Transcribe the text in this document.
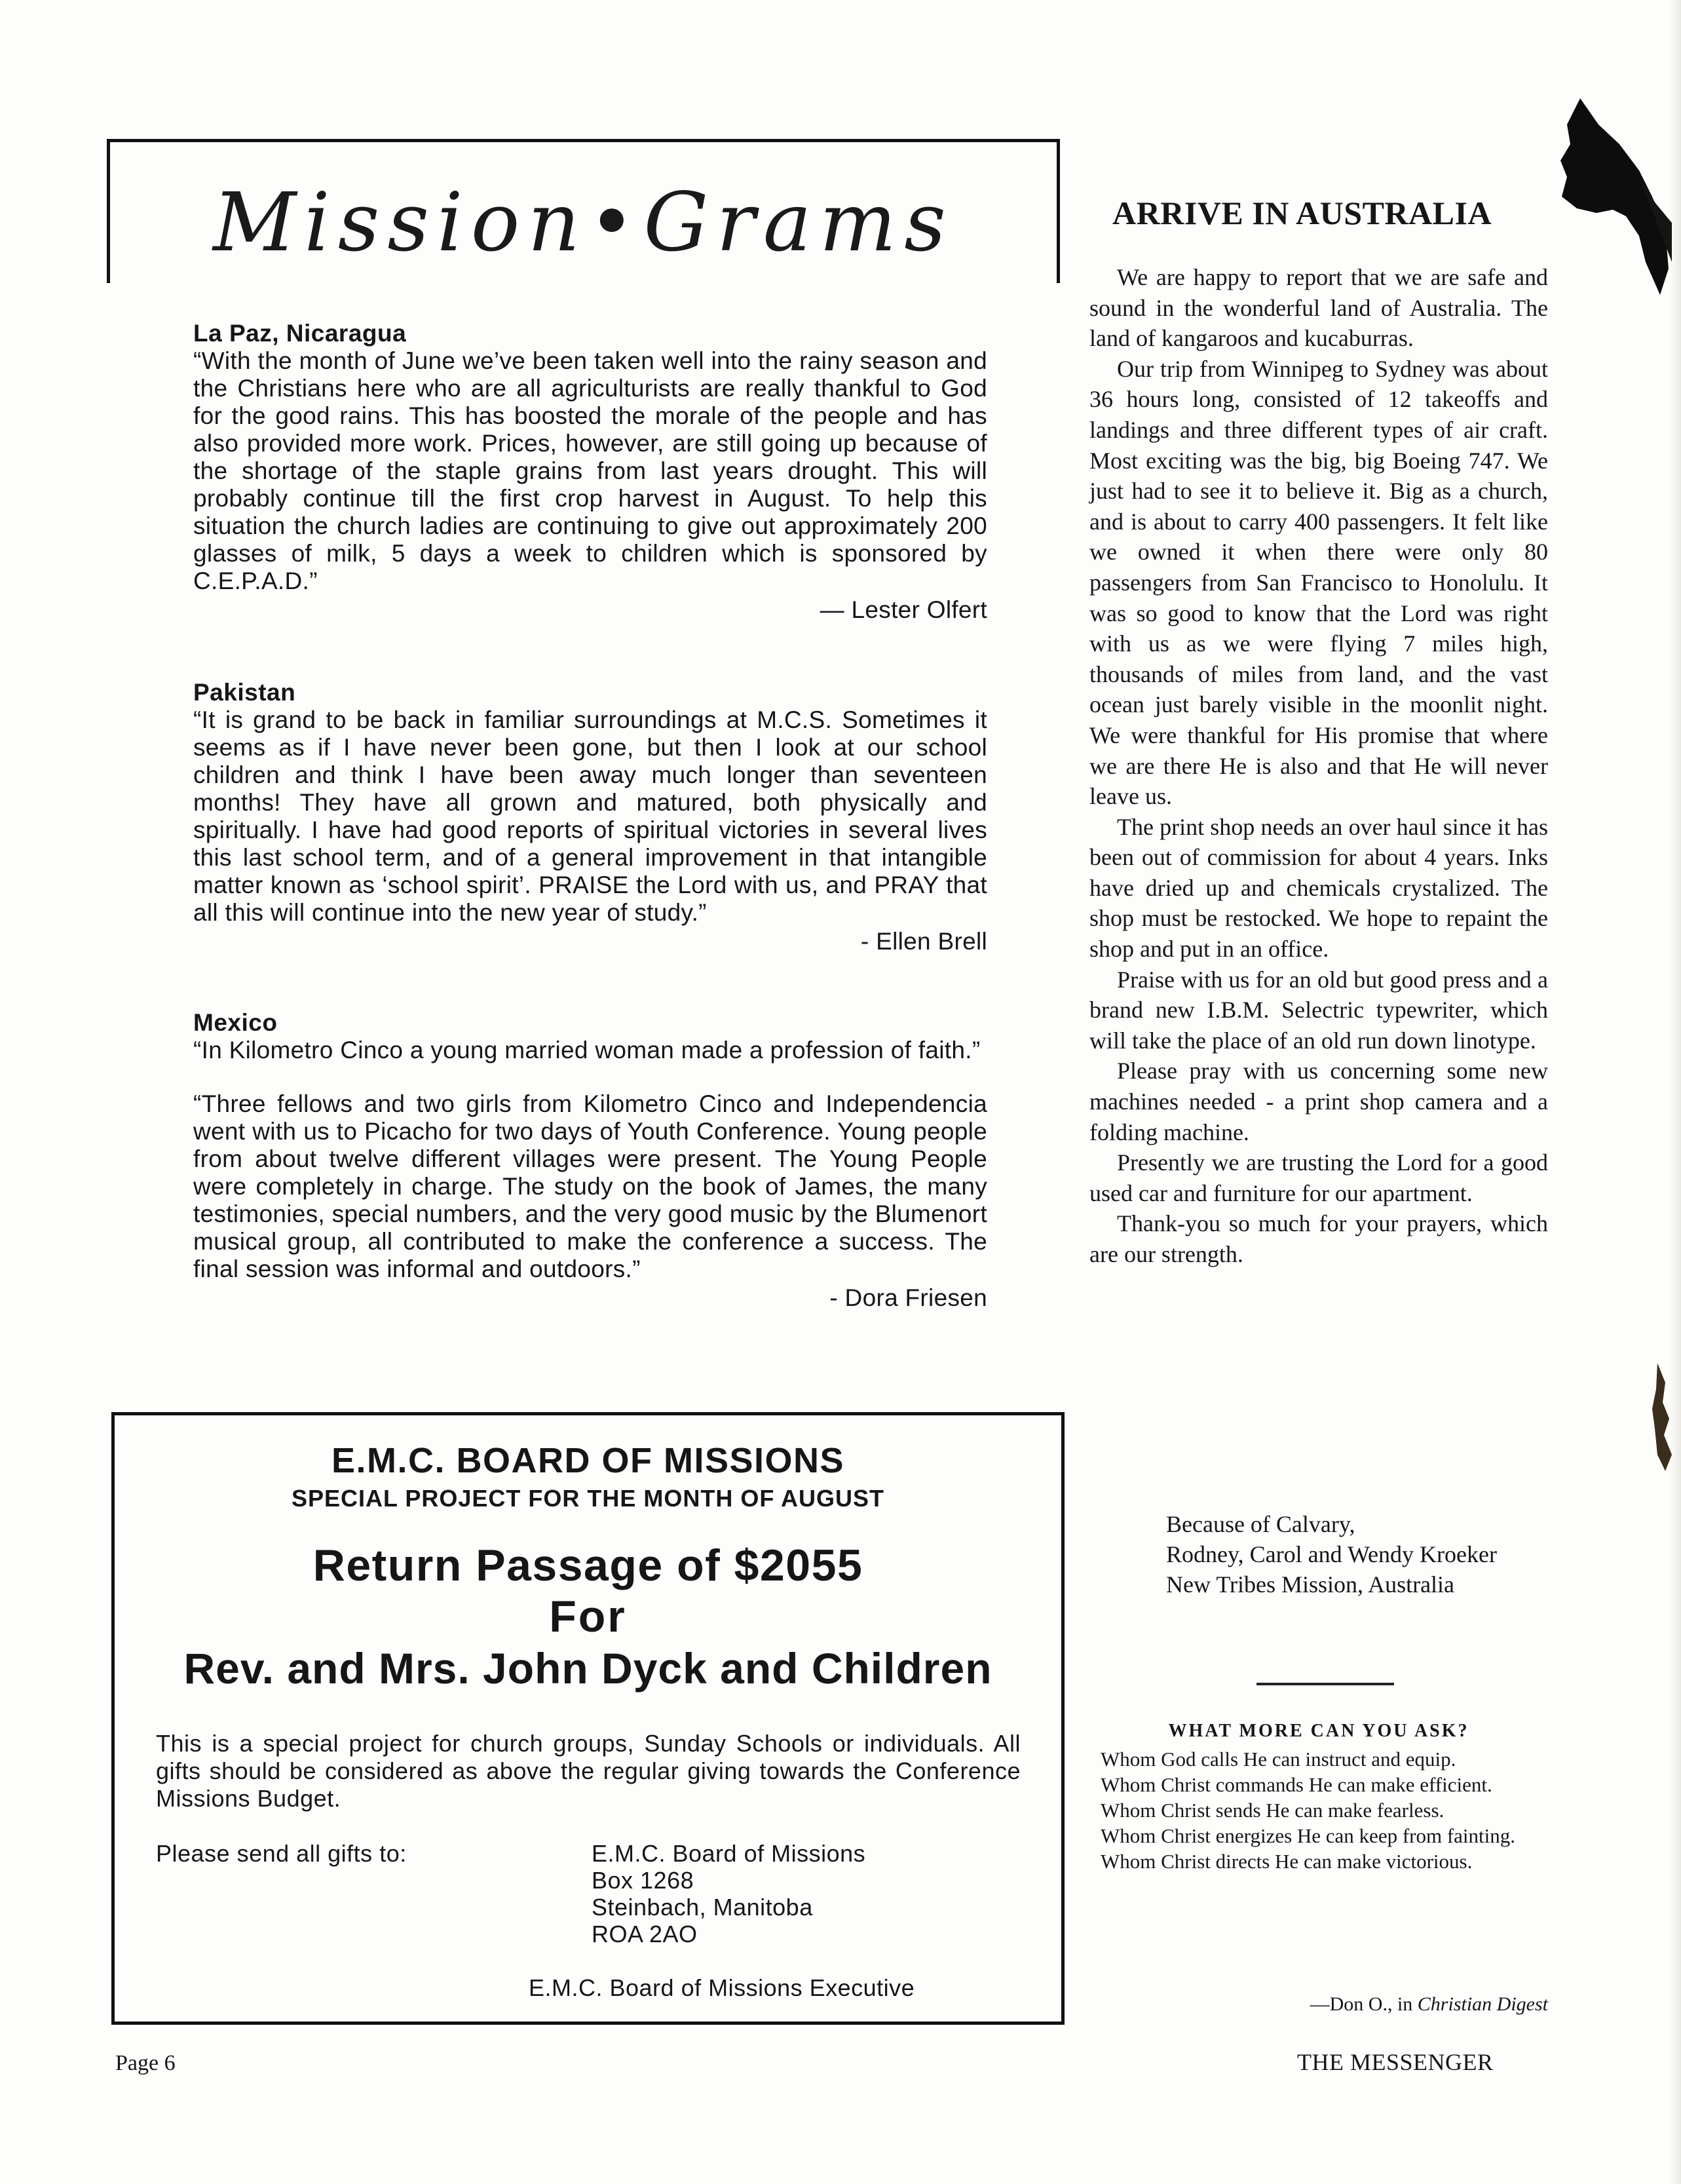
Mission•Grams
La Paz, Nicaragua
“With the month of June we’ve been taken well into the rainy season and the Christians here who are all agriculturists are really thankful to God for the good rains. This has boosted the morale of the people and has also provided more work. Prices, however, are still going up because of the shortage of the staple grains from last years drought. This will probably continue till the first crop harvest in August. To help this situation the church ladies are continuing to give out approximately 200 glasses of milk, 5 days a week to children which is sponsored by C.E.P.A.D.”
— Lester Olfert
Pakistan
“It is grand to be back in familiar surroundings at M.C.S. Sometimes it seems as if I have never been gone, but then I look at our school children and think I have been away much longer than seventeen months! They have all grown and matured, both physically and spiritually. I have had good reports of spiritual victories in several lives this last school term, and of a general improvement in that intangible matter known as ‘school spirit’. PRAISE the Lord with us, and PRAY that all this will continue into the new year of study.”
- Ellen Brell
Mexico
“In Kilometro Cinco a young married woman made a profession of faith.”
“Three fellows and two girls from Kilometro Cinco and Independencia went with us to Picacho for two days of Youth Conference. Young people from about twelve different villages were present. The Young People were completely in charge. The study on the book of James, the many testimonies, special numbers, and the very good music by the Blumenort musical group, all contributed to make the conference a success. The final session was informal and outdoors.”
- Dora Friesen
E.M.C. BOARD OF MISSIONS
SPECIAL PROJECT FOR THE MONTH OF AUGUST
Return Passage of $2055
For
Rev. and Mrs. John Dyck and Children
This is a special project for church groups, Sunday Schools or individuals. All gifts should be considered as above the regular giving towards the Conference Missions Budget.
Please send all gifts to:	E.M.C. Board of Missions
Box 1268
Steinbach, Manitoba
ROA 2AO
E.M.C. Board of Missions Executive
ARRIVE IN AUSTRALIA

We are happy to report that we are safe and sound in the wonderful land of Australia. The land of kangaroos and kucaburras.

Our trip from Winnipeg to Sydney was about 36 hours long, consisted of 12 takeoffs and landings and three different types of air craft. Most exciting was the big, big Boeing 747. We just had to see it to believe it. Big as a church, and is about to carry 400 passengers. It felt like we owned it when there were only 80 passengers from San Francisco to Honolulu. It was so good to know that the Lord was right with us as we were flying 7 miles high, thousands of miles from land, and the vast ocean just barely visible in the moonlit night. We were thankful for His promise that where we are there He is also and that He will never leave us.

The print shop needs an over haul since it has been out of commission for about 4 years. Inks have dried up and chemicals crystalized. The shop must be restocked. We hope to repaint the shop and put in an office.

Praise with us for an old but good press and a brand new I.B.M. Selectric typewriter, which will take the place of an old run down linotype.

Please pray with us concerning some new machines needed - a print shop camera and a folding machine.

Presently we are trusting the Lord for a good used car and furniture for our apartment.

Thank-you so much for your prayers, which are our strength.

Because of Calvary,
Rodney, Carol and Wendy Kroeker
New Tribes Mission, Australia
WHAT MORE CAN YOU ASK?

Whom God calls He can instruct and equip.

Whom Christ commands He can make efficient.

Whom Christ sends He can make fearless.

Whom Christ energizes He can keep from fainting.

Whom Christ directs He can make victorious.

—Don O., in Christian Digest
Page 6	THE MESSENGER
